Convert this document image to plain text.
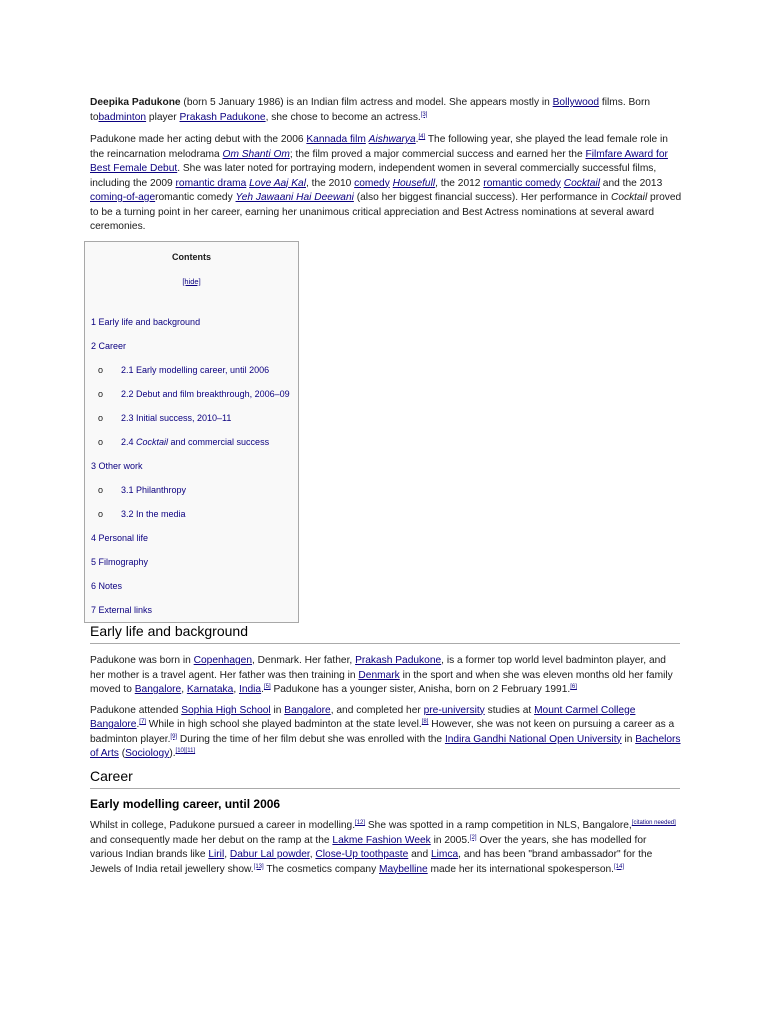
Deepika Padukone (born 5 January 1986) is an Indian film actress and model. She appears mostly in Bollywood films. Born tobadminton player Prakash Padukone, she chose to become an actress.[3]

Padukone made her acting debut with the 2006 Kannada film Aishwarya.[4] The following year, she played the lead female role in the reincarnation melodrama Om Shanti Om; the film proved a major commercial success and earned her the Filmfare Award for Best Female Debut. She was later noted for portraying modern, independent women in several commercially successful films, including the 2009 romantic drama Love Aaj Kal, the 2010 comedy Housefull, the 2012 romantic comedy Cocktail and the 2013 coming-of-ageromantic comedy Yeh Jawaani Hai Deewani (also her biggest financial success). Her performance in Cocktail proved to be a turning point in her career, earning her unanimous critical appreciation and Best Actress nominations at several award ceremonies.

Contents
[hide]
1 Early life and background
2 Career
o 2.1 Early modelling career, until 2006
o 2.2 Debut and film breakthrough, 2006–09
o 2.3 Initial success, 2010–11
o 2.4 Cocktail and commercial success
3 Other work
o 3.1 Philanthropy
o 3.2 In the media
4 Personal life
5 Filmography
6 Notes
7 External links
Early life and background

Padukone was born in Copenhagen, Denmark. Her father, Prakash Padukone, is a former top world level badminton player, and her mother is a travel agent. Her father was then training in Denmark in the sport and when she was eleven months old her family moved to Bangalore, Karnataka, India.[5] Padukone has a younger sister, Anisha, born on 2 February 1991.[6]

Padukone attended Sophia High School in Bangalore, and completed her pre-university studies at Mount Carmel College Bangalore.[7] While in high school she played badminton at the state level.[8] However, she was not keen on pursuing a career as a badminton player.[9] During the time of her film debut she was enrolled with the Indira Gandhi National Open University in Bachelors of Arts (Sociology).[10][11]

Career
Early modelling career, until 2006

Whilst in college, Padukone pursued a career in modelling.[12] She was spotted in a ramp competition in NLS, Bangalore,[citation needed] and consequently made her debut on the ramp at the Lakme Fashion Week in 2005.[2] Over the years, she has modelled for various Indian brands like Liril, Dabur Lal powder, Close-Up toothpaste and Limca, and has been "brand ambassador" for the Jewels of India retail jewellery show.[13] The cosmetics company Maybelline made her its international spokesperson.[14]
